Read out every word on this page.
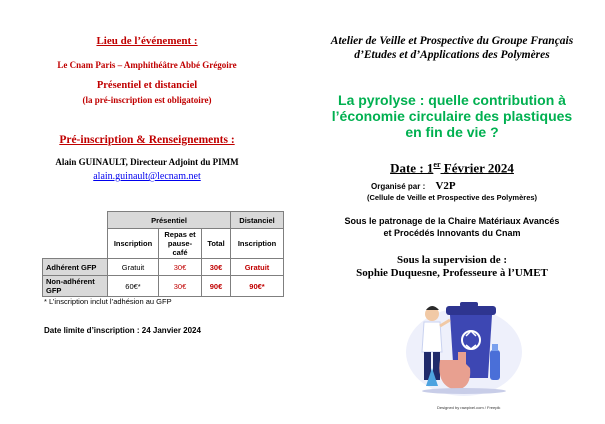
Lieu de l’événement :
Le Cnam Paris – Amphithéâtre Abbé Grégoire
Présentiel et distanciel
(la pré-inscription est obligatoire)
Pré-inscription & Renseignements :
Alain GUINAULT, Directeur Adjoint du PIMM
alain.guinault@lecnam.net
	Présentiel			Distanciel
	Inscription	Repas et pause-café	Total	Inscription
Adhérent GFP	Gratuit	30€	30€	Gratuit
Non-adhérent GFP	60€*	30€	90€	90€*
* L’inscription inclut l’adhésion au GFP
Date limite d’inscription : 24 Janvier 2024
Atelier de Veille et Prospective du Groupe Français d’Etudes et d’Applications des Polymères
La pyrolyse : quelle contribution à l’économie circulaire des plastiques en fin de vie ?
Date : 1er Février 2024
Organisé par : V2P
(Cellule de Veille et Prospective des Polymères)
Sous le patronage de la Chaire Matériaux Avancés et Procédés Innovants du Cnam
Sous la supervision de :
Sophie Duquesne, Professeure à l’UMET
Designed by rawpixel.com / Freepik
